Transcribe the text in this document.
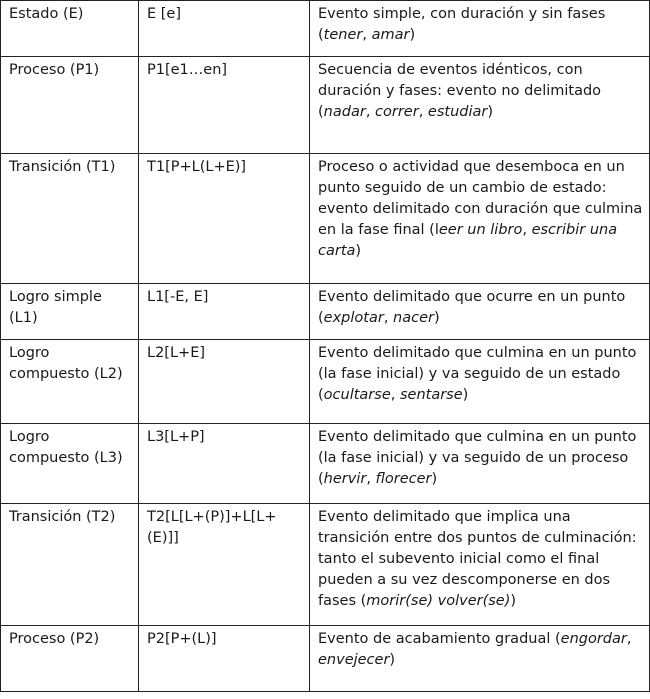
Estado (E)	E [e]	Evento simple, con duración y sin fases (tener, amar)
Proceso (P1)	P1[e1…en]	Secuencia de eventos idénticos, con duración y fases: evento no delimitado (nadar, correr, estudiar)
Transición (T1)	T1[P+L(L+E)]	Proceso o actividad que desemboca en un punto seguido de un cambio de estado: evento delimitado con duración que culmina en la fase final (leer un libro, escribir una carta)
Logro simple (L1)	L1[-E, E]	Evento delimitado que ocurre en un punto (explotar, nacer)
Logro compuesto (L2)	L2[L+E]	Evento delimitado que culmina en un punto (la fase inicial) y va seguido de un estado (ocultarse, sentarse)
Logro compuesto (L3)	L3[L+P]	Evento delimitado que culmina en un punto (la fase inicial) y va seguido de un proceso (hervir, florecer)
Transición (T2)	T2[L[L+(P)]+L[L+(E)]]	Evento delimitado que implica una transición entre dos puntos de culminación: tanto el subevento inicial como el final pueden a su vez descomponerse en dos fases (morir(se) volver(se))
Proceso (P2)	P2[P+(L)]	Evento de acabamiento gradual (engordar, envejecer)
